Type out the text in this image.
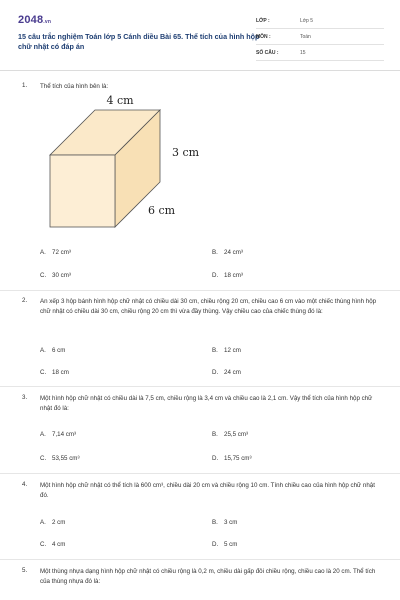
2048.vn
15 câu trắc nghiệm Toán lớp 5 Cánh diều Bài 65. Thể tích của hình hộp chữ nhật có đáp án
LỚP :	Lớp 5
MÔN :	Toán
SỐ CÂU :	15
1. Thể tích của hình bên là:
4 cm
3 cm
6 cm
A. 72 cm³	B. 24 cm³
C. 30 cm³	D. 18 cm³
2. An xếp 3 hộp bánh hình hộp chữ nhật có chiều dài 30 cm, chiều rộng 20 cm, chiều cao 6 cm vào một chiếc thùng hình hộp chữ nhật có chiều dài 30 cm, chiều rộng 20 cm thì vừa đầy thùng. Vậy chiều cao của chiếc thùng đó là:
A. 6 cm	B. 12 cm
C. 18 cm	D. 24 cm
3. Một hình hộp chữ nhật có chiều dài là 7,5 cm, chiều rộng là 3,4 cm và chiều cao là 2,1 cm. Vậy thể tích của hình hộp chữ nhật đó là:
A. 7,14 cm³	B. 25,5 cm³
C. 53,55 cm³	D. 15,75 cm³
4. Một hình hộp chữ nhật có thể tích là 600 cm³, chiều dài 20 cm và chiều rộng 10 cm. Tính chiều cao của hình hộp chữ nhật đó.
A. 2 cm	B. 3 cm
C. 4 cm	D. 5 cm
5. Một thùng nhựa dạng hình hộp chữ nhật có chiều rộng là 0,2 m, chiều dài gấp đôi chiều rộng, chiều cao là 20 cm. Thể tích của thùng nhựa đó là:
